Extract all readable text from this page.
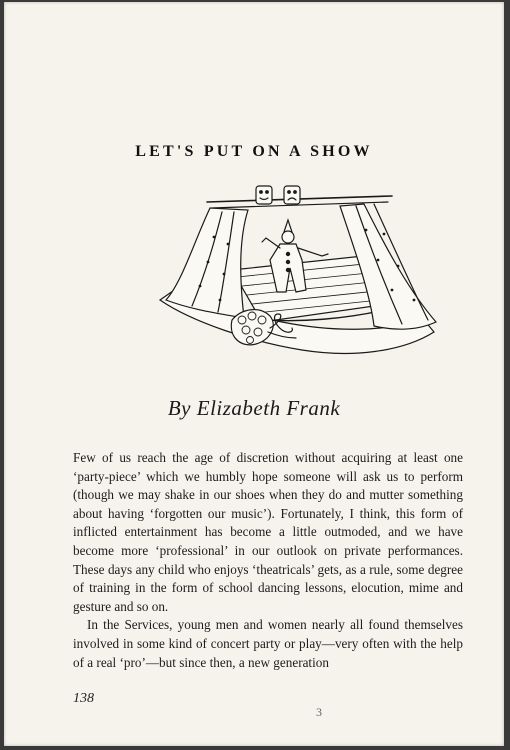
LET'S PUT ON A SHOW
By Elizabeth Frank

Few of us reach the age of discretion without acquiring at least one ‘party-piece’ which we humbly hope someone will ask us to perform (though we may shake in our shoes when they do and mutter something about having ‘forgotten our music’). Fortunately, I think, this form of inflicted entertainment has become a little outmoded, and we have become more ‘professional’ in our outlook on private performances. These days any child who enjoys ‘theatricals’ gets, as a rule, some degree of training in the form of school dancing lessons, elocution, mime and gesture and so on.

In the Services, young men and women nearly all found themselves involved in some kind of concert party or play—very often with the help of a real ‘pro’—but since then, a new generation

138
3
